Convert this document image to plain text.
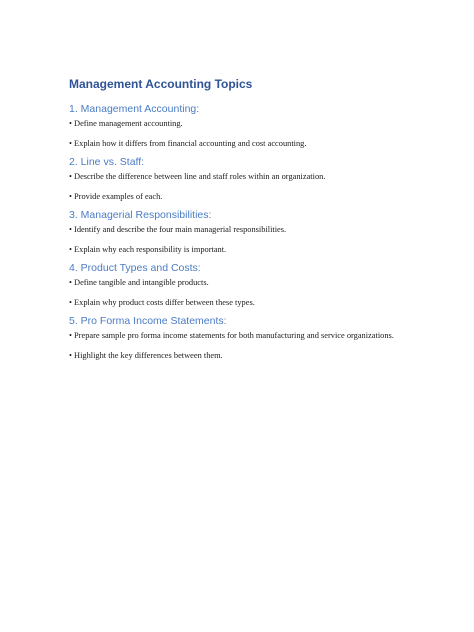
Management Accounting Topics
1. Management Accounting:
• Define management accounting.
• Explain how it differs from financial accounting and cost accounting.
2. Line vs. Staff:
• Describe the difference between line and staff roles within an organization.
• Provide examples of each.
3. Managerial Responsibilities:
• Identify and describe the four main managerial responsibilities.
• Explain why each responsibility is important.
4. Product Types and Costs:
• Define tangible and intangible products.
• Explain why product costs differ between these types.
5. Pro Forma Income Statements:
• Prepare sample pro forma income statements for both manufacturing and service organizations.
• Highlight the key differences between them.
